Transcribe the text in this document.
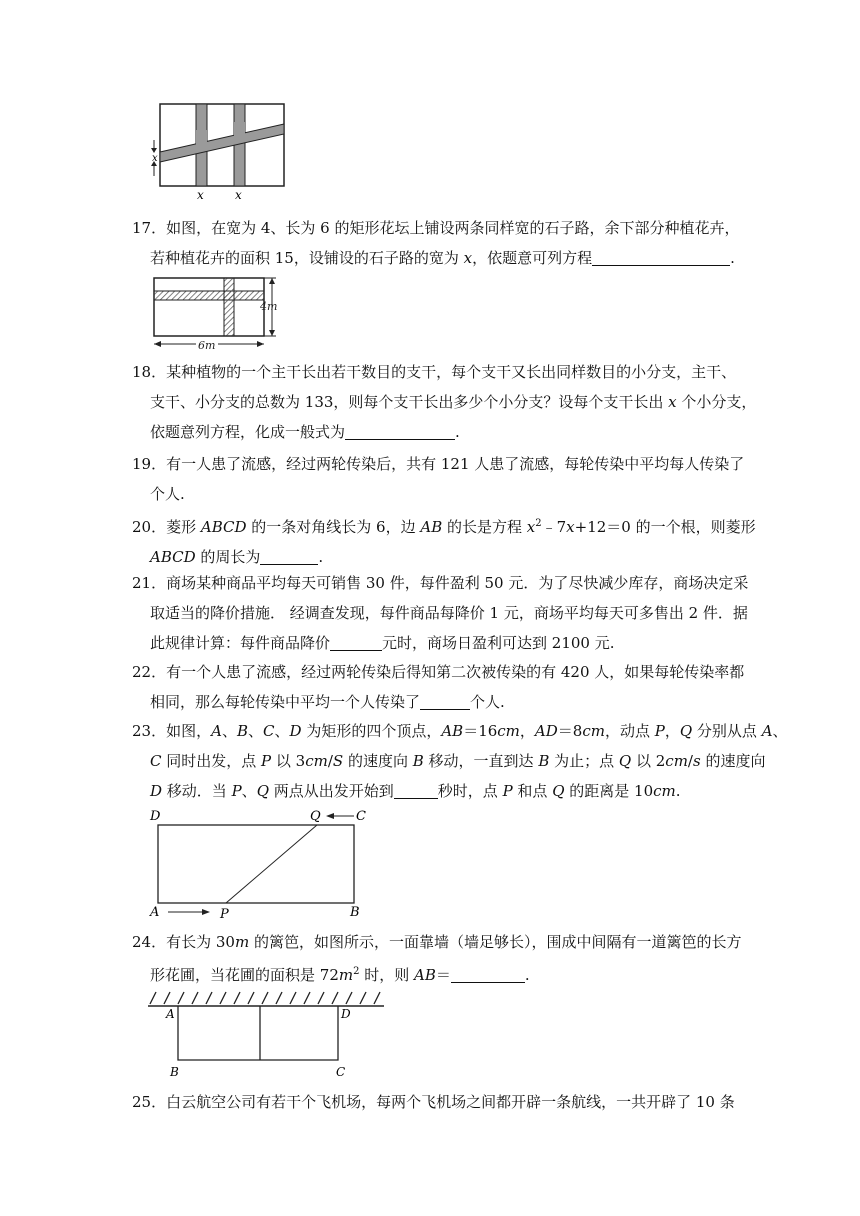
x
x	x
17．如图，在宽为 4、长为 6 的矩形花坛上铺设两条同样宽的石子路，余下部分种植花卉，
若种植花卉的面积 15，设铺设的石子路的宽为 x，依题意可列方程	.
4m
6m
18．某种植物的一个主干长出若干数目的支干，每个支干又长出同样数目的小分支，主干、
支干、小分支的总数为 133，则每个支干长出多少个小分支？设每个支干长出 x 个小分支，
依题意列方程，化成一般式为	.
19．有一人患了流感，经过两轮传染后，共有 121 人患了流感，每轮传染中平均每人传染了
个人.
20．菱形 ABCD 的一条对角线长为 6，边 AB 的长是方程 $x^2﹣7x+12=0$ 的一个根，则菱形
ABCD 的周长为	.
21．商场某种商品平均每天可销售 30 件，每件盈利 50 元．为了尽快减少库存，商场决定采
取适当的降价措施． 经调查发现，每件商品每降价 1 元，商场平均每天可多售出 2 件．据
此规律计算：每件商品降价	元时，商场日盈利可达到 2100 元.
22．有一个人患了流感，经过两轮传染后得知第二次被传染的有 420 人，如果每轮传染率都
相同，那么每轮传染中平均一个人传染了	个人.
23．如图，A、B、C、D 为矩形的四个顶点，AB＝16cm，AD＝8cm，动点 P，Q 分别从点 A、
C 同时出发，点 P 以 3cm/S 的速度向 B 移动，一直到达 B 为止；点 Q 以 2cm/s 的速度向
D 移动．当 P、Q 两点从出发开始到	秒时，点 P 和点 Q 的距离是 10cm.
D	Q	C
A	P	B
24．有长为 30m 的篱笆，如图所示，一面靠墙（墙足够长），围成中间隔有一道篱笆的长方
形花圃，当花圃的面积是 $72m^2$ 时，则 AB＝	.
A	D
B	C
25．白云航空公司有若干个飞机场，每两个飞机场之间都开辟一条航线，一共开辟了 10 条
